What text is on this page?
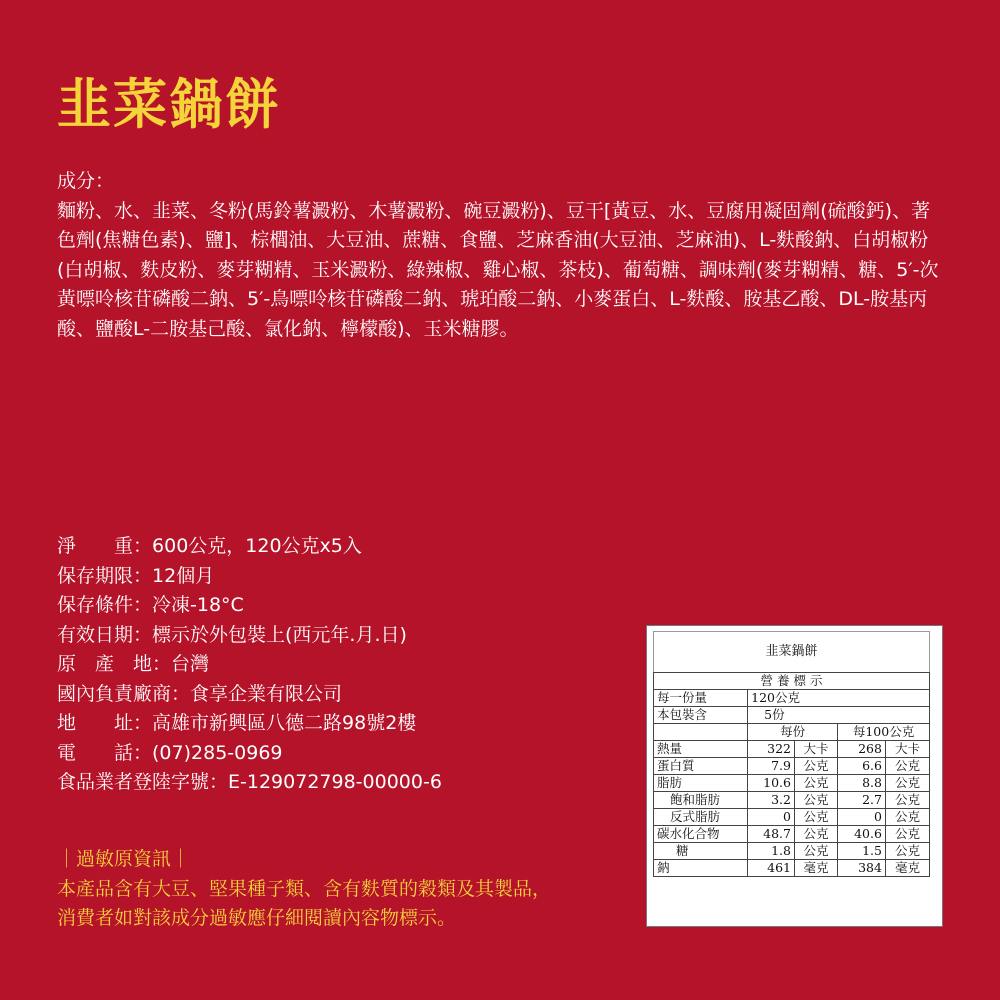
韭菜鍋餅
成分：
麵粉、水、韭菜、冬粉(馬鈴薯澱粉、木薯澱粉、碗豆澱粉)、豆干[黃豆、水、豆腐用凝固劑(硫酸鈣)、著色劑(焦糖色素)、鹽]、棕櫚油、大豆油、蔗糖、食鹽、芝麻香油(大豆油、芝麻油)、L-麩酸鈉、白胡椒粉(白胡椒、麩皮粉、麥芽糊精、玉米澱粉、綠辣椒、雞心椒、茶枝)、葡萄糖、調味劑(麥芽糊精、糖、5′-次黃嘌呤核苷磷酸二鈉、5′-鳥嘌呤核苷磷酸二鈉、琥珀酸二鈉、小麥蛋白、L-麩酸、胺基乙酸、DL-胺基丙酸、鹽酸L-二胺基己酸、氯化鈉、檸檬酸)、玉米糖膠。
淨　　重：600公克，120公克x5入
保存期限：12個月
保存條件：冷凍-18°C
有效日期：標示於外包裝上(西元年.月.日)
原　產　地：台灣
國內負責廠商：食享企業有限公司
地　　址：高雄市新興區八德二路98號2樓
電　　話：(07)285-0969
食品業者登陸字號：E-129072798-00000-6
｜過敏原資訊｜
本產品含有大豆、堅果種子類、含有麩質的穀類及其製品，
消費者如對該成分過敏應仔細閱讀內容物標示。
韭菜鍋餅
營 養 標 示				
每一份量	120公克			
本包裝含	5份			
	每份		每100公克	
熱量	322	大卡	268	大卡
蛋白質	7.9	公克	6.6	公克
脂肪	10.6	公克	8.8	公克
飽和脂肪	3.2	公克	2.7	公克
反式脂肪	0	公克	0	公克
碳水化合物	48.7	公克	40.6	公克
糖	1.8	公克	1.5	公克
鈉	461	毫克	384	毫克
